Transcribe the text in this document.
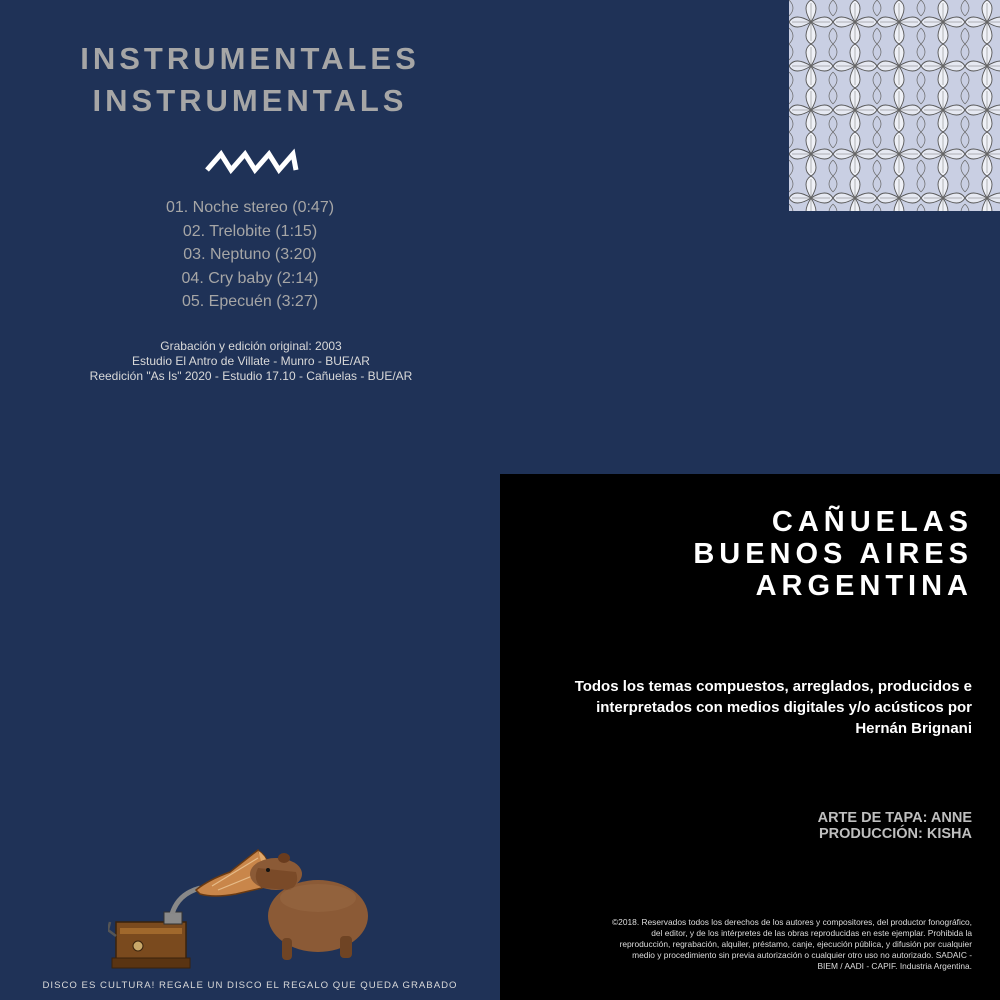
INSTRUMENTALES
INSTRUMENTALS
01. Noche stereo (0:47)
02. Trelobite (1:15)
03. Neptuno (3:20)
04. Cry baby (2:14)
05. Epecuén (3:27)
Grabación y edición original: 2003
Estudio El Antro de Villate - Munro - BUE/AR
Reedición "As Is" 2020 - Estudio 17.10 - Cañuelas - BUE/AR
CAÑUELAS
BUENOS AIRES
ARGENTINA
Todos los temas compuestos, arreglados, producidos e interpretados con medios digitales y/o acústicos por Hernán Brignani
ARTE DE TAPA: ANNE
PRODUCCIÓN: KISHA
©2018. Reservados todos los derechos de los autores y compositores, del productor fonográfico, del editor, y de los intérpretes de las obras reproducidas en este ejemplar. Prohibida la reproducción, regrabación, alquiler, préstamo, canje, ejecución pública, y difusión por cualquier medio y procedimiento sin previa autorización o cualquier otro uso no autorizado. SADAIC - BIEM / AADI - CAPIF. Industria Argentina.
DISCO ES CULTURA! REGALE UN DISCO EL REGALO QUE QUEDA GRABADO
